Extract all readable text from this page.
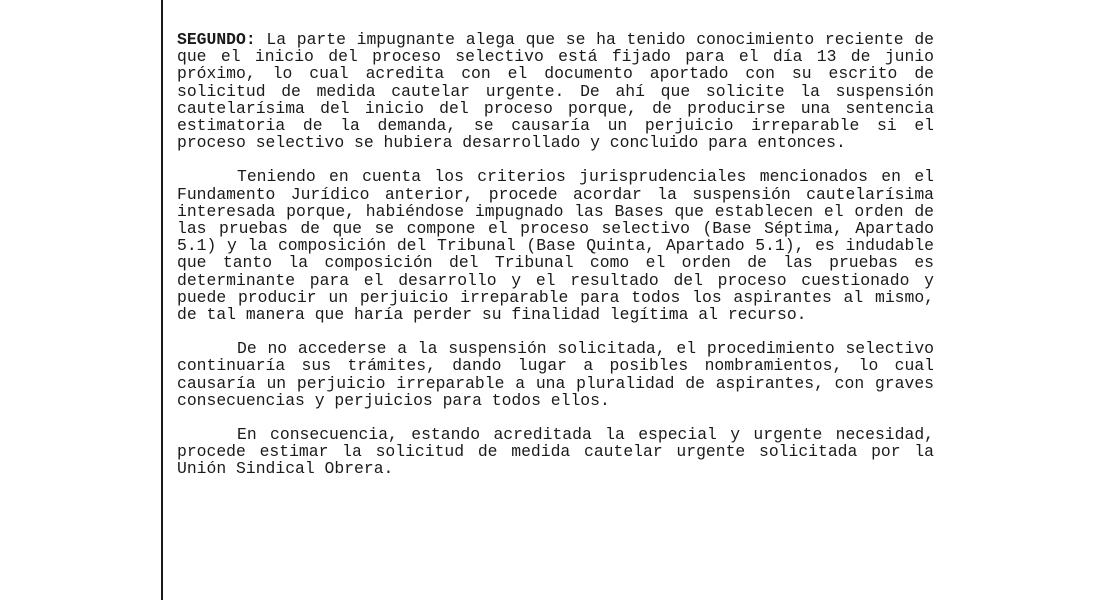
SEGUNDO: La parte impugnante alega que se ha tenido conocimiento reciente de que el inicio del proceso selectivo está fijado para el día 13 de junio próximo, lo cual acredita con el documento aportado con su escrito de solicitud de medida cautelar urgente. De ahí que solicite la suspensión cautelarísima del inicio del proceso porque, de producirse una sentencia estimatoria de la demanda, se causaría un perjuicio irreparable si el proceso selectivo se hubiera desarrollado y concluido para entonces.

Teniendo en cuenta los criterios jurisprudenciales mencionados en el Fundamento Jurídico anterior, procede acordar la suspensión cautelarísima interesada porque, habiéndose impugnado las Bases que establecen el orden de las pruebas de que se compone el proceso selectivo (Base Séptima, Apartado 5.1) y la composición del Tribunal (Base Quinta, Apartado 5.1), es indudable que tanto la composición del Tribunal como el orden de las pruebas es determinante para el desarrollo y el resultado del proceso cuestionado y puede producir un perjuicio irreparable para todos los aspirantes al mismo, de tal manera que haría perder su finalidad legítima al recurso.

De no accederse a la suspensión solicitada, el procedimiento selectivo continuaría sus trámites, dando lugar a posibles nombramientos, lo cual causaría un perjuicio irreparable a una pluralidad de aspirantes, con graves consecuencias y perjuicios para todos ellos.

En consecuencia, estando acreditada la especial y urgente necesidad, procede estimar la solicitud de medida cautelar urgente solicitada por la Unión Sindical Obrera.
